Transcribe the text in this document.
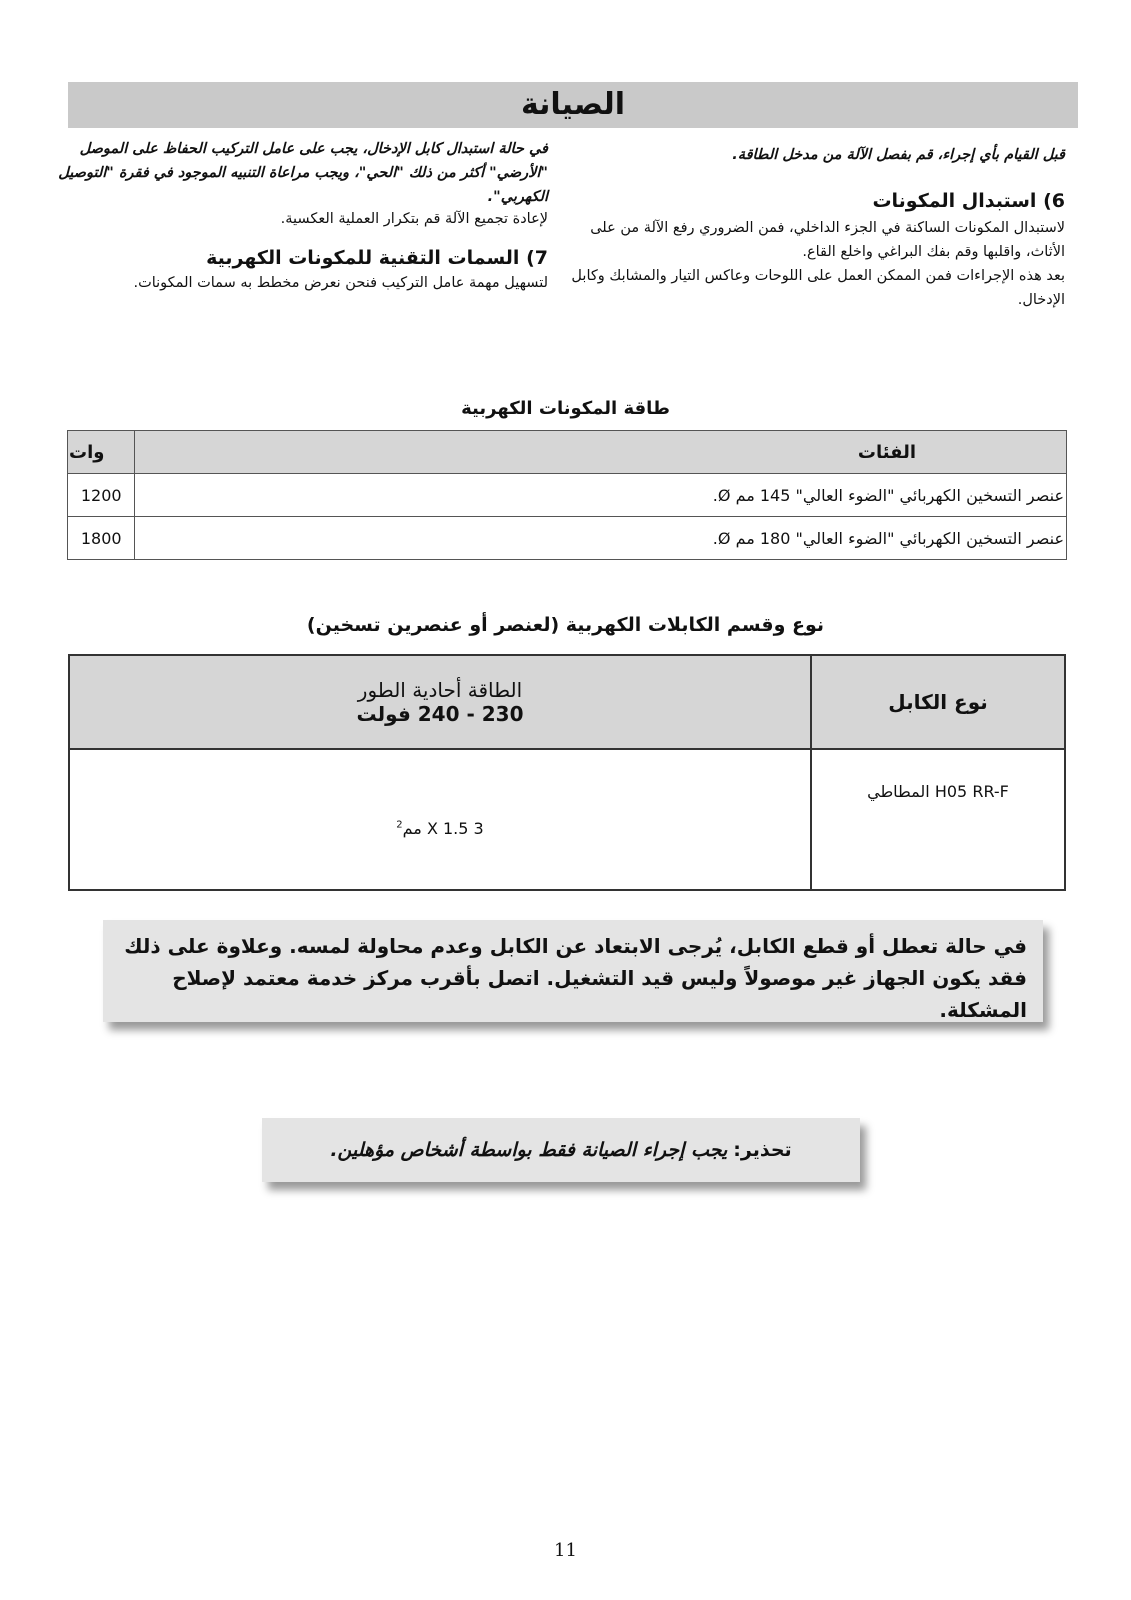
الصيانة
قبل القيام بأي إجراء، قم بفصل الآلة من مدخل الطاقة.
6) استبدال المكونات
لاستبدال المكونات الساكنة في الجزء الداخلي، فمن الضروري رفع الآلة من على الأثاث، واقلبها وقم بفك البراغي واخلع القاع.
بعد هذه الإجراءات فمن الممكن العمل على اللوحات وعاكس التيار والمشابك وكابل الإدخال.
في حالة استبدال كابل الإدخال، يجب على عامل التركيب الحفاظ على الموصل "الأرضي" أكثر من ذلك "الحي"، ويجب مراعاة التنبيه الموجود في فقرة "التوصيل الكهربي".
لإعادة تجميع الآلة قم بتكرار العملية العكسية.
7) السمات التقنية للمكونات الكهربية
لتسهيل مهمة عامل التركيب فنحن نعرض مخطط به سمات المكونات.
طاقة المكونات الكهربية
الفئات	وات
عنصر التسخين الكهربائي "الضوء العالي" 145 مم Ø.	1200
عنصر التسخين الكهربائي "الضوء العالي" 180 مم Ø.	1800
نوع وقسم الكابلات الكهربية (لعنصر أو عنصرين تسخين)
نوع الكابل	الطاقة أحادية الطور
230 - 240 فولت

H05 RR-F المطاطي	3 X 1.5 مم$^2$
في حالة تعطل أو قطع الكابل، يُرجى الابتعاد عن الكابل وعدم محاولة لمسه. وعلاوة على ذلك فقد يكون الجهاز غير موصولاً وليس قيد التشغيل. اتصل بأقرب مركز خدمة معتمد لإصلاح المشكلة.
تحذير: يجب إجراء الصيانة فقط بواسطة أشخاص مؤهلين.
11
